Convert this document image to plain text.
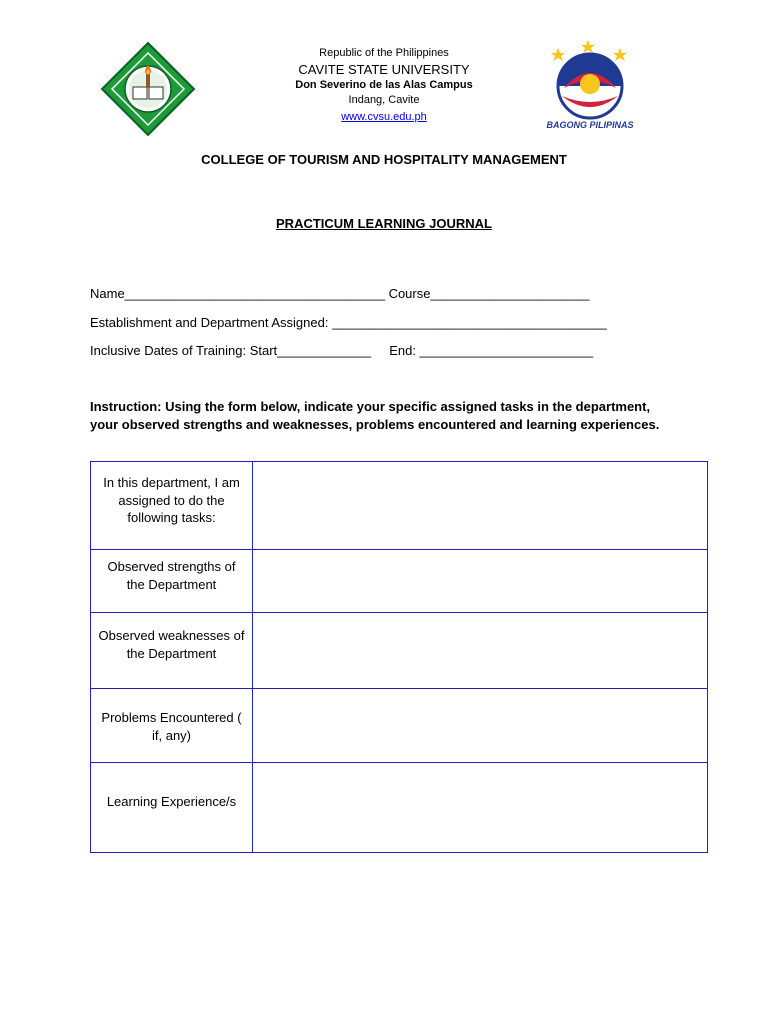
BAGONG PILIPINAS
Republic of the Philippines
CAVITE STATE UNIVERSITY
Don Severino de las Alas Campus
Indang, Cavite
www.cvsu.edu.ph
COLLEGE OF TOURISM AND HOSPITALITY MANAGEMENT
PRACTICUM LEARNING JOURNAL
Name____________________________________ Course______________________
Establishment and Department Assigned: ______________________________________
Inclusive Dates of Training: Start_____________     End: ________________________
Instruction: Using the form below, indicate your specific assigned tasks in the department, your observed strengths and weaknesses, problems encountered and learning experiences.
In this department, I am assigned to do the following tasks:	

Observed strengths of the Department	

Observed weaknesses of the Department	

Problems Encountered ( if, any)	

Learning Experience/s	
